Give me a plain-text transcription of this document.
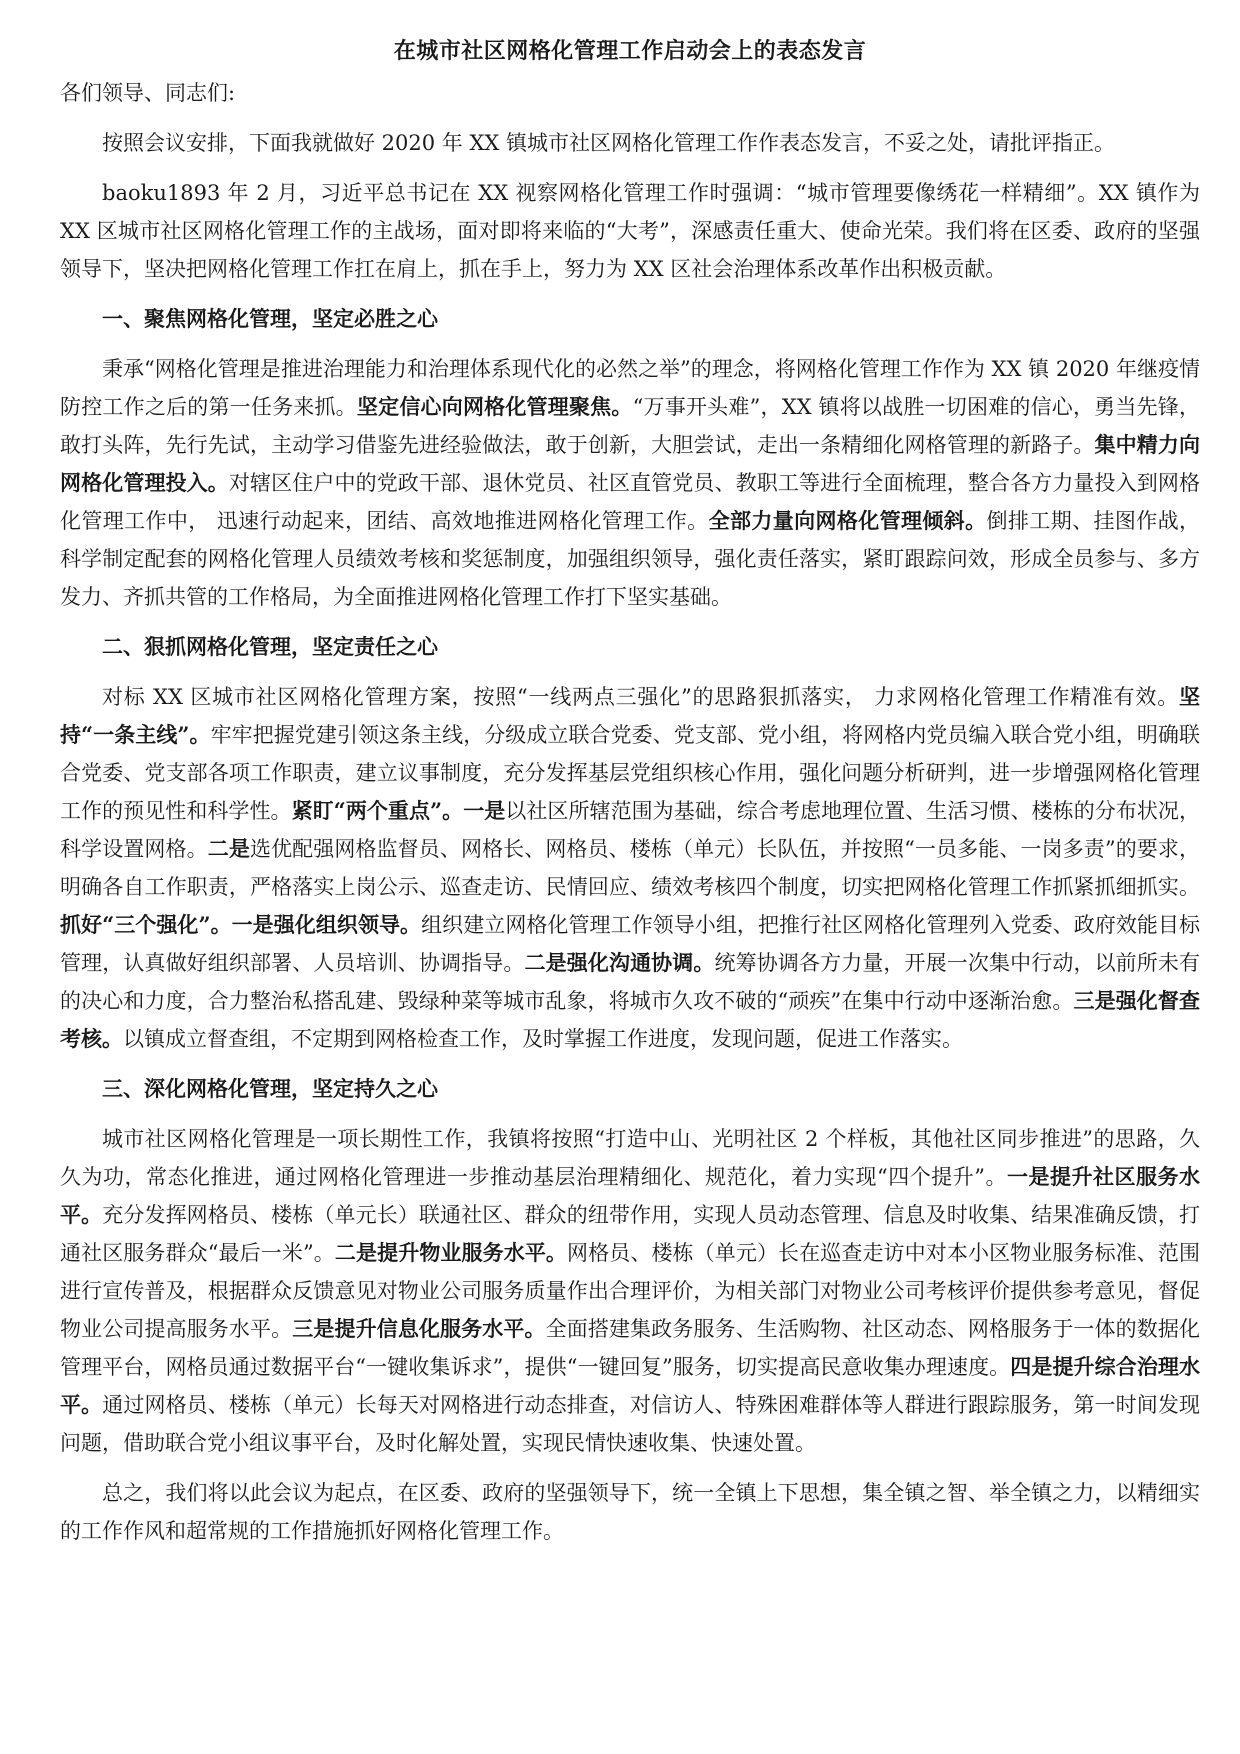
在城市社区网格化管理工作启动会上的表态发言
各们领导、同志们:
按照会议安排，下面我就做好 2020 年 XX 镇城市社区网格化管理工作作表态发言，不妥之处，请批评指正。
baoku1893 年 2 月，习近平总书记在 XX 视察网格化管理工作时强调：“城市管理要像绣花一样精细”。XX 镇作为 XX 区城市社区网格化管理工作的主战场，面对即将来临的“大考”，深感责任重大、使命光荣。我们将在区委、政府的坚强领导下，坚决把网格化管理工作扛在肩上，抓在手上，努力为 XX 区社会治理体系改革作出积极贡献。
一、聚焦网格化管理，坚定必胜之心
秉承“网格化管理是推进治理能力和治理体系现代化的必然之举”的理念，将网格化管理工作作为 XX 镇 2020 年继疫情防控工作之后的第一任务来抓。坚定信心向网格化管理聚焦。“万事开头难”，XX 镇将以战胜一切困难的信心，勇当先锋，敢打头阵，先行先试，主动学习借鉴先进经验做法，敢于创新，大胆尝试，走出一条精细化网格管理的新路子。集中精力向网格化管理投入。对辖区住户中的党政干部、退休党员、社区直管党员、教职工等进行全面梳理，整合各方力量投入到网格化管理工作中， 迅速行动起来，团结、高效地推进网格化管理工作。全部力量向网格化管理倾斜。倒排工期、挂图作战，科学制定配套的网格化管理人员绩效考核和奖惩制度，加强组织领导，强化责任落实，紧盯跟踪问效，形成全员参与、多方发力、齐抓共管的工作格局，为全面推进网格化管理工作打下坚实基础。
二、狠抓网格化管理，坚定责任之心
对标 XX 区城市社区网格化管理方案，按照“一线两点三强化”的思路狠抓落实， 力求网格化管理工作精准有效。坚持“一条主线”。牢牢把握党建引领这条主线，分级成立联合党委、党支部、党小组，将网格内党员编入联合党小组，明确联合党委、党支部各项工作职责，建立议事制度，充分发挥基层党组织核心作用，强化问题分析研判，进一步增强网格化管理工作的预见性和科学性。紧盯“两个重点”。一是以社区所辖范围为基础，综合考虑地理位置、生活习惯、楼栋的分布状况，科学设置网格。二是选优配强网格监督员、网格长、网格员、楼栋（单元）长队伍，并按照“一员多能、一岗多责”的要求，明确各自工作职责，严格落实上岗公示、巡查走访、民情回应、绩效考核四个制度，切实把网格化管理工作抓紧抓细抓实。抓好“三个强化”。一是强化组织领导。组织建立网格化管理工作领导小组，把推行社区网格化管理列入党委、政府效能目标管理，认真做好组织部署、人员培训、协调指导。二是强化沟通协调。统筹协调各方力量，开展一次集中行动，以前所未有的决心和力度，合力整治私搭乱建、毁绿种菜等城市乱象，将城市久攻不破的“顽疾”在集中行动中逐渐治愈。三是强化督查考核。以镇成立督查组，不定期到网格检查工作，及时掌握工作进度，发现问题，促进工作落实。
三、深化网格化管理，坚定持久之心
城市社区网格化管理是一项长期性工作，我镇将按照“打造中山、光明社区 2 个样板，其他社区同步推进”的思路，久久为功，常态化推进，通过网格化管理进一步推动基层治理精细化、规范化，着力实现“四个提升”。一是提升社区服务水平。充分发挥网格员、楼栋（单元长）联通社区、群众的纽带作用，实现人员动态管理、信息及时收集、结果准确反馈，打通社区服务群众“最后一米”。二是提升物业服务水平。网格员、楼栋（单元）长在巡查走访中对本小区物业服务标准、范围进行宣传普及，根据群众反馈意见对物业公司服务质量作出合理评价，为相关部门对物业公司考核评价提供参考意见，督促物业公司提高服务水平。三是提升信息化服务水平。全面搭建集政务服务、生活购物、社区动态、网格服务于一体的数据化管理平台，网格员通过数据平台“一键收集诉求”，提供“一键回复”服务，切实提高民意收集办理速度。四是提升综合治理水平。通过网格员、楼栋（单元）长每天对网格进行动态排查，对信访人、特殊困难群体等人群进行跟踪服务，第一时间发现问题，借助联合党小组议事平台，及时化解处置，实现民情快速收集、快速处置。
总之，我们将以此会议为起点，在区委、政府的坚强领导下，统一全镇上下思想，集全镇之智、举全镇之力，以精细实的工作作风和超常规的工作措施抓好网格化管理工作。
